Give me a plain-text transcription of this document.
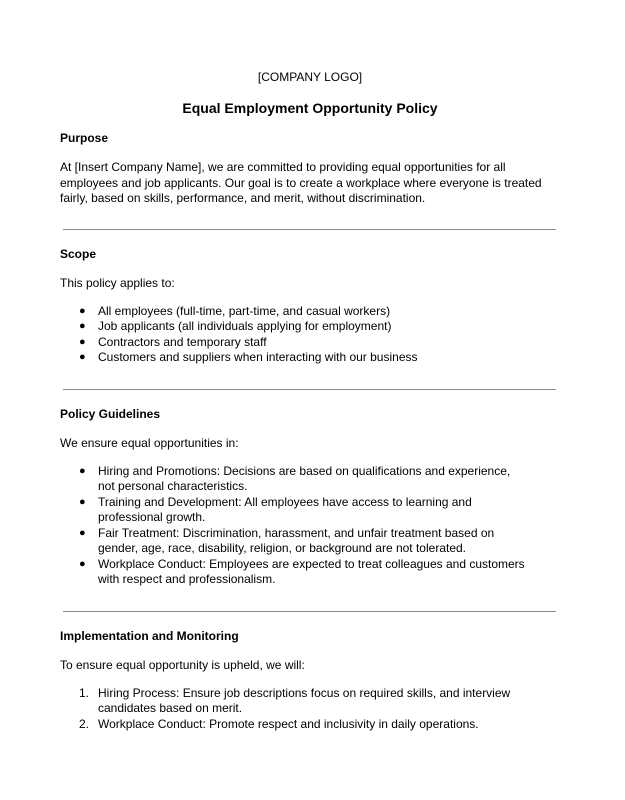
[COMPANY LOGO]
Equal Employment Opportunity Policy

Purpose

At [Insert Company Name], we are committed to providing equal opportunities for all employees and job applicants. Our goal is to create a workplace where everyone is treated fairly, based on skills, performance, and merit, without discrimination.

Scope

This policy applies to:

● All employees (full-time, part-time, and casual workers)
● Job applicants (all individuals applying for employment)
● Contractors and temporary staff
● Customers and suppliers when interacting with our business

Policy Guidelines

We ensure equal opportunities in:

● Hiring and Promotions: Decisions are based on qualifications and experience, not personal characteristics.
● Training and Development: All employees have access to learning and professional growth.
● Fair Treatment: Discrimination, harassment, and unfair treatment based on gender, age, race, disability, religion, or background are not tolerated.
● Workplace Conduct: Employees are expected to treat colleagues and customers with respect and professionalism.

Implementation and Monitoring

To ensure equal opportunity is upheld, we will:

1. Hiring Process: Ensure job descriptions focus on required skills, and interview candidates based on merit.
2. Workplace Conduct: Promote respect and inclusivity in daily operations.
